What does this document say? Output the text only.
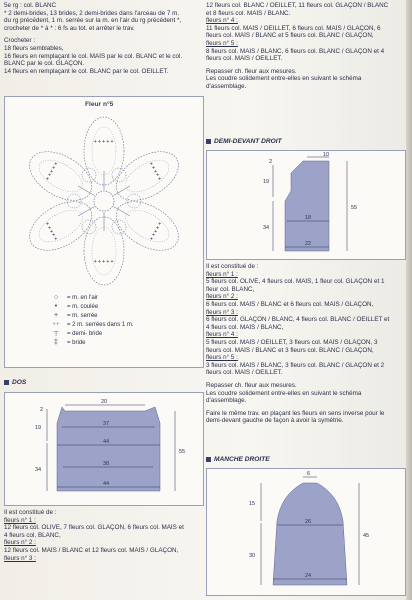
5e rg : col. BLANC
* 2 demi-brides, 13 brides, 2 demi-brides dans l'arceau de 7 m.
du rg précédent, 1 m. serrée sur la m. en l'air du rg précédent *,
crocheter de * à * : 6 fs au tot. et arrêter le trav.
Crocheter :
18 fleurs semblables,
16 fleurs en remplaçant le col. MAÏS par le col. BLANC et le col.
BLANC par le col. GLAÇON.
14 fleurs en remplaçant le col. BLANC par le col. OEILLET.
Fleur n°5
+ + + + +
+
+
+
+
+
+
+
+
+
+
+
+
+
+
+
+
+
+
+
+
+
+
+
+
+
○	= m. en l'air
•	= m. coulée
+	= m. serrée
⁺⁺	= 2 m. serrées dans 1 m.
⊤	= demi- bride
‡	= bride
DOS
20
2
19
34
55
37
44
38
44
Il est constitué de :
fleurs n° 1 :
12 fleurs col. OLIVE, 7 fleurs col. GLAÇON, 6 fleurs col. MAÏS et
4 fleurs col. BLANC,
fleurs n° 2 :
12 fleurs col. MAÏS / BLANC et 12 fleurs col. MAÏS / GLAÇON,
fleurs n° 3 :
12 fleurs col. BLANC / OEILLET, 11 fleurs col. GLAÇON / BLANC
et 8 fleurs col. MAÏS / BLANC.
fleurs n° 4 :
11 fleurs col. MAÏS / OEILLET, 6 fleurs col. MAÏS / GLAÇON, 6
fleurs col. MAÏS / BLANC et 5 fleurs col. BLANC / GLAÇON,
fleurs n° 5 :
8 fleurs col. MAÏS / BLANC, 6 fleurs col. BLANC / GLAÇON et 4
fleurs col. MAÏS / OEILLET.
Repasser ch. fleur aux mesures.
Les coudre solidement entre-elles en suivant le schéma
d'assemblage.
DEMI-DEVANT DROIT
10
2
19
34
55
18
22
Il est constitué de :
fleurs n° 1 :
5 fleurs col. OLIVE, 4 fleurs col. MAÏS, 1 fleur col. GLAÇON et 1
fleur col. BLANC,
fleurs n° 2 :
6 fleurs col. MAÏS / BLANC et 6 fleurs col. MAÏS / GLAÇON,
fleurs n° 3 :
6 fleurs col. GLAÇON / BLANC, 4 fleurs col. BLANC / OEILLET et
4 fleurs col. MAÏS / BLANC,
fleurs n° 4 :
5 fleurs col. MAÏS / OEILLET, 3 fleurs col. MAÏS / GLAÇON, 3
fleurs col. MAÏS / BLANC et 3 fleurs col. BLANC / GLAÇON,
fleurs n° 5 :
3 fleurs col. MAÏS / BLANC, 3 fleurs col. BLANC / GLAÇON et 2
fleurs col. MAÏS / OEILLET.
Repasser ch. fleur aux mesures.
Les coudre solidement entre-elles en suivant le schéma
d'assemblage.
Faire le même trav. en plaçant les fleurs en sens inverse pour le
demi-devant gauche de façon à avoir la symétrie.
MANCHE DROITE
6
15
30
45
26
24
